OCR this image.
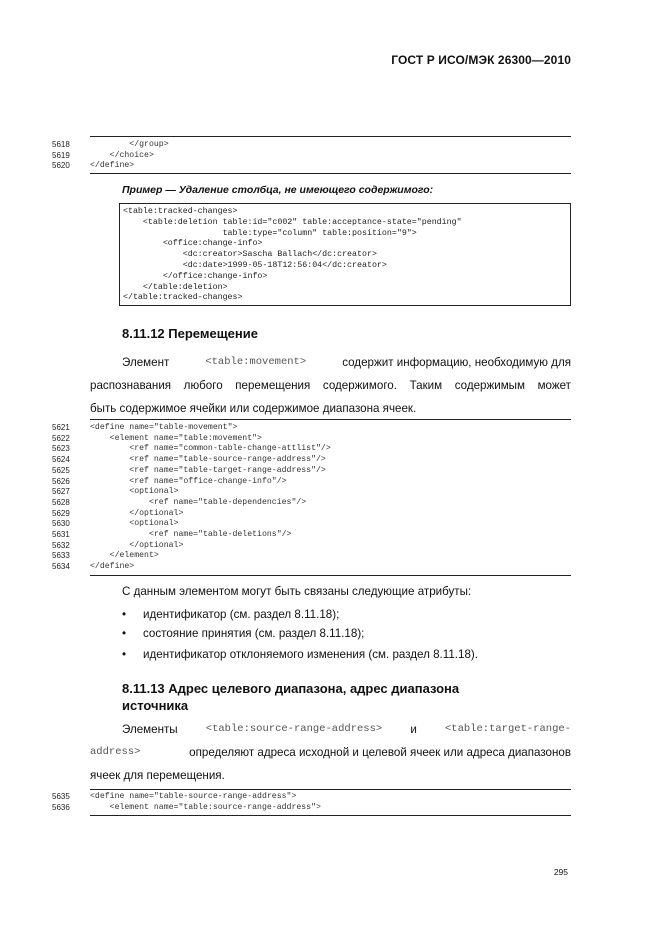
ГОСТ Р ИСО/МЭК 26300—2010
5618	</group>
5619	</choice>
5620	</define>
Пример — Удаление столбца, не имеющего содержимого:
<table:tracked-changes>
<table:deletion table:id="c002" table:acceptance-state="pending"
table:type="column" table:position="9">
<office:change-info>
<dc:creator>Sascha Ballach</dc:creator>
<dc:date>1999-05-18T12:56:04</dc:creator>
</office:change-info>
</table:deletion>
</table:tracked-changes>
8.11.12 Перемещение
Элемент	<table:movement>	содержит информацию, необходимую для
распознавания любого перемещения содержимого. Таким содержимым может
быть содержимое ячейки или содержимое диапазона ячеек.
5621	<define name="table-movement">
5622	<element name="table:movement">
5623	<ref name="common-table-change-attlist"/>
5624	<ref name="table-source-range-address"/>
5625	<ref name="table-target-range-address"/>
5626	<ref name="office-change-info"/>
5627	<optional>
5628	<ref name="table-dependencies"/>
5629	</optional>
5630	<optional>
5631	<ref name="table-deletions"/>
5632	</optional>
5633	</element>
5634	</define>
С данным элементом могут быть связаны следующие атрибуты:
• идентификатор (см. раздел 8.11.18);
• состояние принятия (см. раздел 8.11.18);
• идентификатор отклоняемого изменения (см. раздел 8.11.18).
8.11.13 Адрес целевого диапазона, адрес диапазона
источника
Элементы	<table:source-range-address> и	<table:target-range-
address>	определяют адреса исходной и целевой ячеек или адреса диапазонов
ячеек для перемещения.
5635	<define name="table-source-range-address">
5636	<element name="table:source-range-address">
295
